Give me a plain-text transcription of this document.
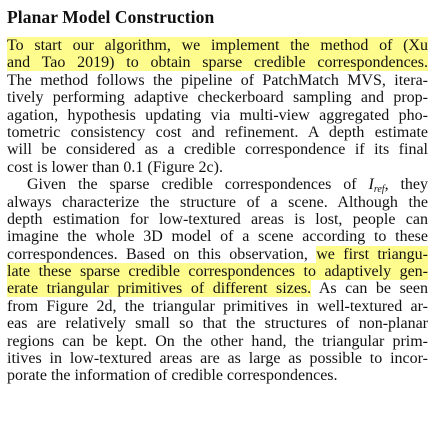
Planar Model Construction
To start our algorithm, we implement the method of (Xu
and Tao 2019) to obtain sparse credible correspondences.
The method follows the pipeline of PatchMatch MVS, itera-
tively performing adaptive checkerboard sampling and prop-
agation, hypothesis updating via multi-view aggregated pho-
tometric consistency cost and refinement. A depth estimate
will be considered as a credible correspondence if its final
cost is lower than 0.1 (Figure 2c).
Given the sparse credible correspondences of $I_{ref}$, they
always characterize the structure of a scene. Although the
depth estimation for low-textured areas is lost, people can
imagine the whole 3D model of a scene according to these
correspondences. Based on this observation, we first triangu-
late these sparse credible correspondences to adaptively gen-
erate triangular primitives of different sizes. As can be seen
from Figure 2d, the triangular primitives in well-textured ar-
eas are relatively small so that the structures of non-planar
regions can be kept. On the other hand, the triangular prim-
itives in low-textured areas are as large as possible to incor-
porate the information of credible correspondences.
